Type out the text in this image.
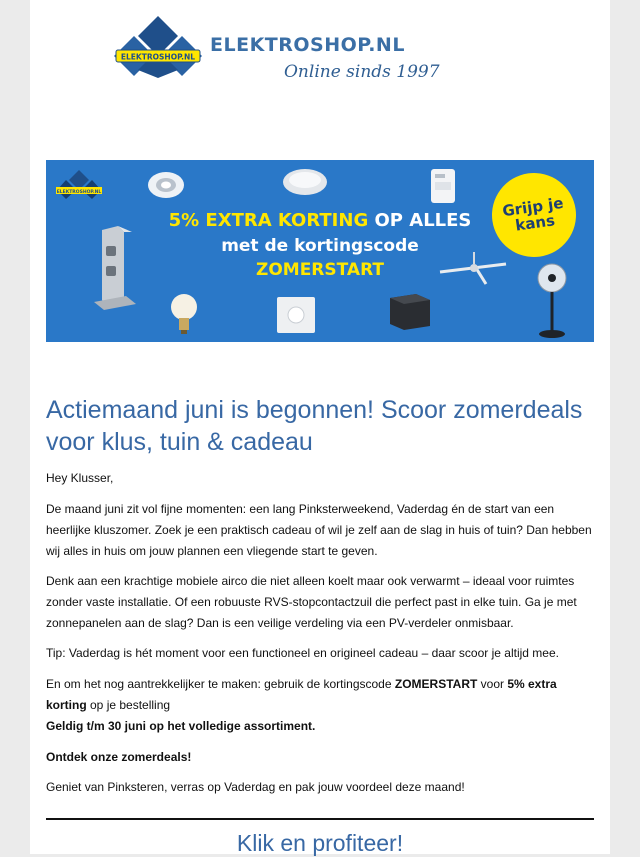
ELEKTROSHOP.NL
ELEKTROSHOP.NL
Online sinds 1997
ELEKTROSHOP.NL
5% EXTRA KORTING OP ALLES
met de kortingscode
ZOMERSTART
Grijp je kans
Actiemaand juni is begonnen! Scoor zomerdeals voor klus, tuin & cadeau

Hey Klusser,

De maand juni zit vol fijne momenten: een lang Pinksterweekend, Vaderdag én de start van een heerlijke kluszomer. Zoek je een praktisch cadeau of wil je zelf aan de slag in huis of tuin? Dan hebben wij alles in huis om jouw plannen een vliegende start te geven.

Denk aan een krachtige mobiele airco die niet alleen koelt maar ook verwarmt – ideaal voor ruimtes zonder vaste installatie. Of een robuuste RVS-stopcontactzuil die perfect past in elke tuin. Ga je met zonnepanelen aan de slag? Dan is een veilige verdeling via een PV-verdeler onmisbaar.

Tip: Vaderdag is hét moment voor een functioneel en origineel cadeau – daar scoor je altijd mee.

En om het nog aantrekkelijker te maken: gebruik de kortingscode ZOMERSTART voor 5% extra korting op je bestelling

Geldig t/m 30 juni op het volledige assortiment.

Ontdek onze zomerdeals!

Geniet van Pinksteren, verras op Vaderdag en pak jouw voordeel deze maand!

Klik en profiteer!
